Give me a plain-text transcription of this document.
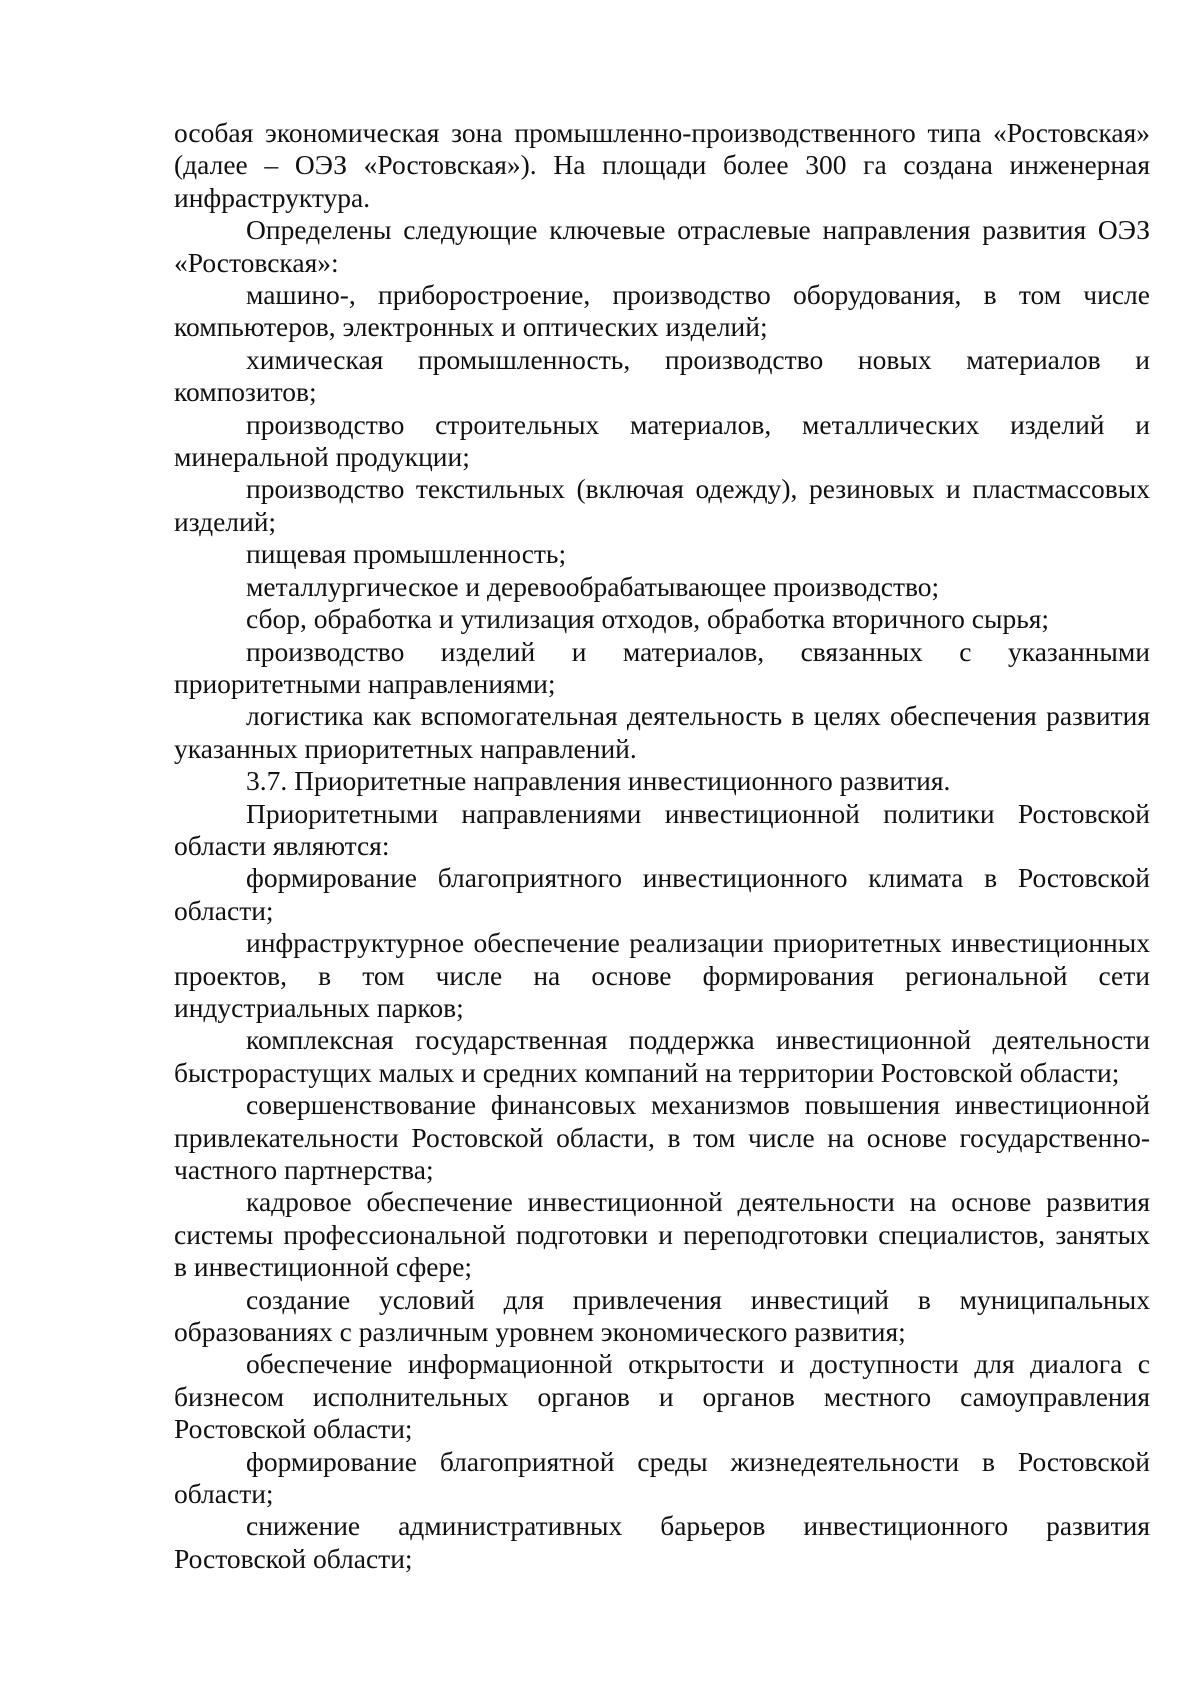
особая экономическая зона промышленно-производственного типа «Ростовская» (далее – ОЭЗ «Ростовская»). На площади более 300 га создана инженерная инфраструктура.

Определены следующие ключевые отраслевые направления развития ОЭЗ «Ростовская»:

машино-, приборостроение, производство оборудования, в том числе компьютеров, электронных и оптических изделий;

химическая промышленность, производство новых материалов и композитов;

производство строительных материалов, металлических изделий и минеральной продукции;

производство текстильных (включая одежду), резиновых и пластмассовых изделий;

пищевая промышленность;

металлургическое и деревообрабатывающее производство;

сбор, обработка и утилизация отходов, обработка вторичного сырья;

производство изделий и материалов, связанных с указанными приоритетными направлениями;

логистика как вспомогательная деятельность в целях обеспечения развития указанных приоритетных направлений.

3.7. Приоритетные направления инвестиционного развития.

Приоритетными направлениями инвестиционной политики Ростовской области являются:

формирование благоприятного инвестиционного климата в Ростовской области;

инфраструктурное обеспечение реализации приоритетных инвестиционных проектов, в том числе на основе формирования региональной сети индустриальных парков;

комплексная государственная поддержка инвестиционной деятельности быстрорастущих малых и средних компаний на территории Ростовской области;

совершенствование финансовых механизмов повышения инвестиционной привлекательности Ростовской области, в том числе на основе государственно-частного партнерства;

кадровое обеспечение инвестиционной деятельности на основе развития системы профессиональной подготовки и переподготовки специалистов, занятых в инвестиционной сфере;

создание условий для привлечения инвестиций в муниципальных образованиях с различным уровнем экономического развития;

обеспечение информационной открытости и доступности для диалога с бизнесом исполнительных органов и органов местного самоуправления Ростовской области;

формирование благоприятной среды жизнедеятельности в Ростовской области;

снижение административных барьеров инвестиционного развития Ростовской области;
